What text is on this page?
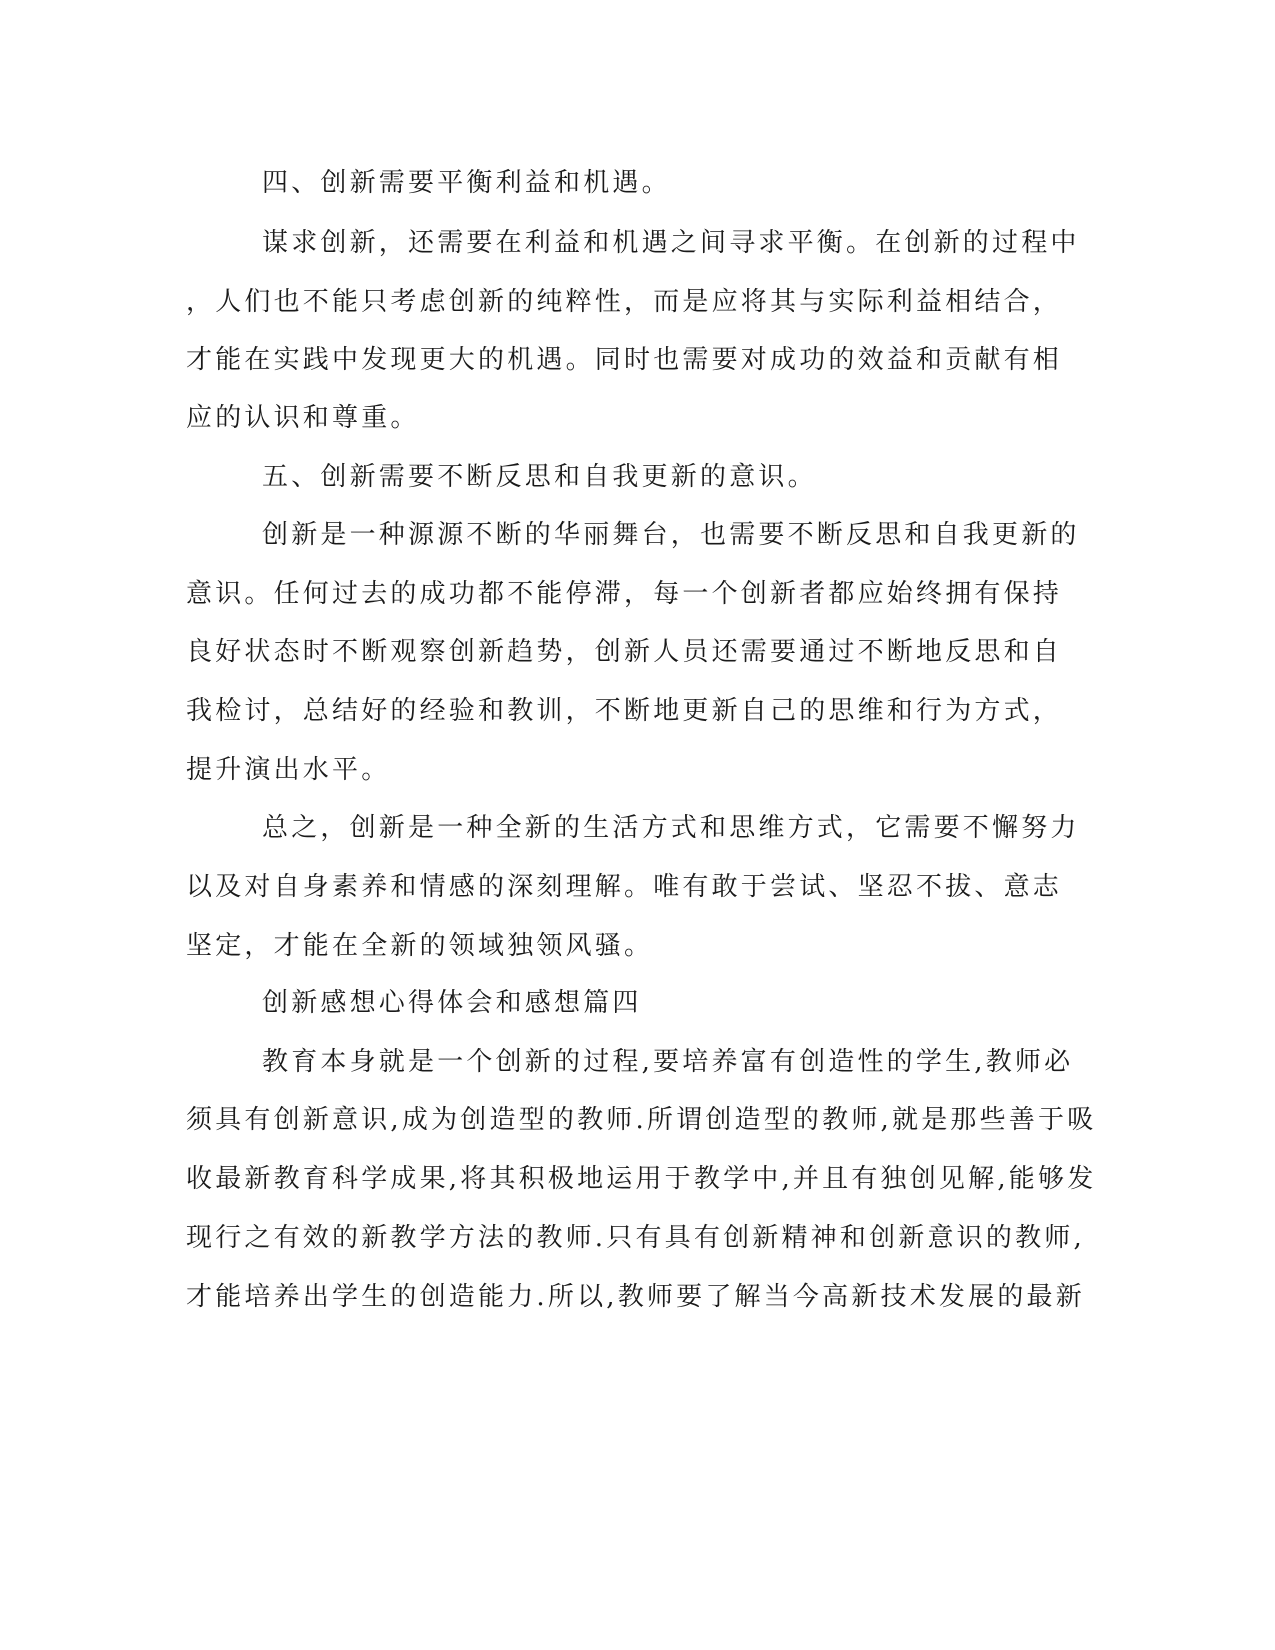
四、创新需要平衡利益和机遇。
谋求创新，还需要在利益和机遇之间寻求平衡。在创新的过程中
，人们也不能只考虑创新的纯粹性，而是应将其与实际利益相结合，
才能在实践中发现更大的机遇。同时也需要对成功的效益和贡献有相
应的认识和尊重。
五、创新需要不断反思和自我更新的意识。
创新是一种源源不断的华丽舞台，也需要不断反思和自我更新的
意识。任何过去的成功都不能停滞，每一个创新者都应始终拥有保持
良好状态时不断观察创新趋势，创新人员还需要通过不断地反思和自
我检讨，总结好的经验和教训，不断地更新自己的思维和行为方式，
提升演出水平。
总之，创新是一种全新的生活方式和思维方式，它需要不懈努力
以及对自身素养和情感的深刻理解。唯有敢于尝试、坚忍不拔、意志
坚定，才能在全新的领域独领风骚。
创新感想心得体会和感想篇四
教育本身就是一个创新的过程,要培养富有创造性的学生,教师必
须具有创新意识,成为创造型的教师.所谓创造型的教师,就是那些善于吸
收最新教育科学成果,将其积极地运用于教学中,并且有独创见解,能够发
现行之有效的新教学方法的教师.只有具有创新精神和创新意识的教师,
才能培养出学生的创造能力.所以,教师要了解当今高新技术发展的最新
